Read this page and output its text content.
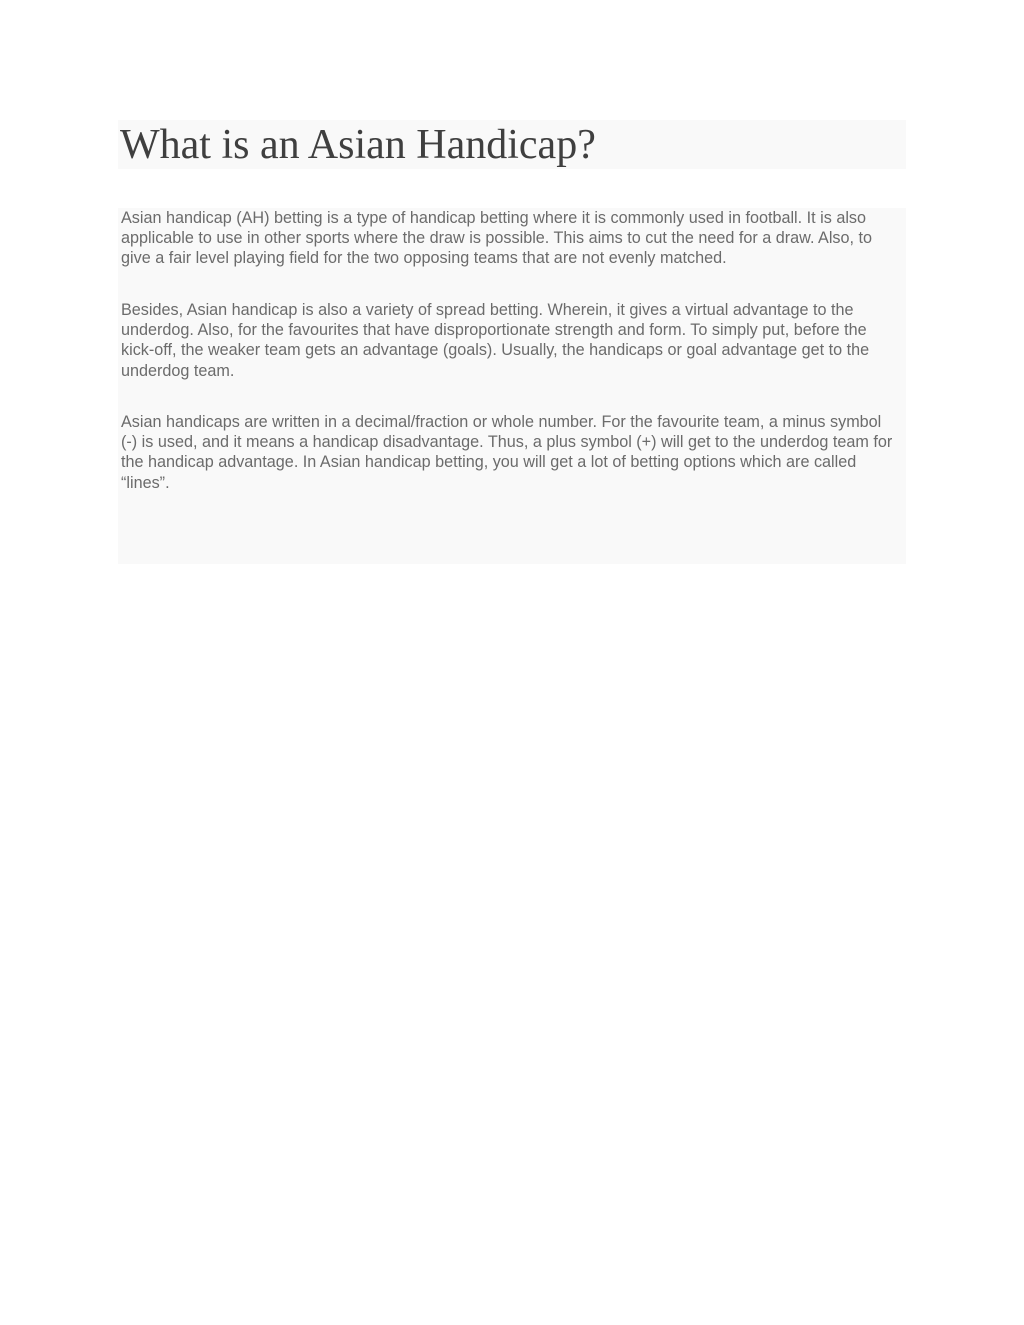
What is an Asian Handicap?

Asian handicap (AH) betting is a type of handicap betting where it is commonly used in football. It is also applicable to use in other sports where the draw is possible. This aims to cut the need for a draw. Also, to give a fair level playing field for the two opposing teams that are not evenly matched.

Besides, Asian handicap is also a variety of spread betting. Wherein, it gives a virtual advantage to the underdog. Also, for the favourites that have disproportionate strength and form. To simply put, before the kick-off, the weaker team gets an advantage (goals). Usually, the handicaps or goal advantage get to the underdog team.

Asian handicaps are written in a decimal/fraction or whole number. For the favourite team, a minus symbol (-) is used, and it means a handicap disadvantage. Thus, a plus symbol (+) will get to the underdog team for the handicap advantage. In Asian handicap betting, you will get a lot of betting options which are called “lines”.
